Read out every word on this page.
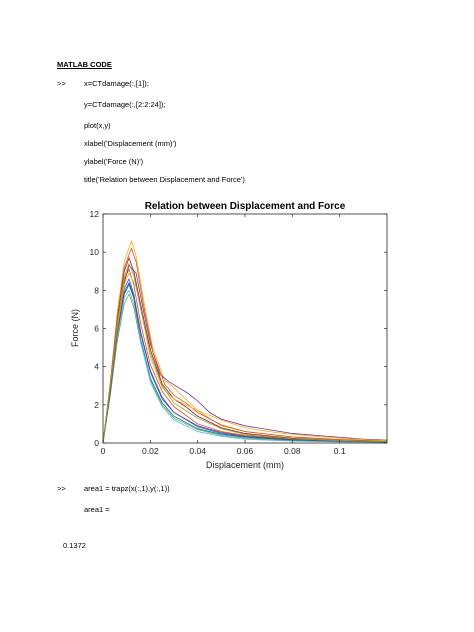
MATLAB CODE
>> x=CTdamage(:,[1]);
y=CTdamage(:,[2:2:24]);
plot(x,y)
xlabel('Displacement (mm)')
ylabel('Force (N)')
title('Relation between Displacement and Force')
0	0.02	0.04	0.06	0.08	0.1
0
2
4
6
8
10
12
Relation between Displacement and Force
Displacement (mm)
Force (N)
>> area1 = trapz(x(:,1),y(:,1))
area1 =
0.1372
